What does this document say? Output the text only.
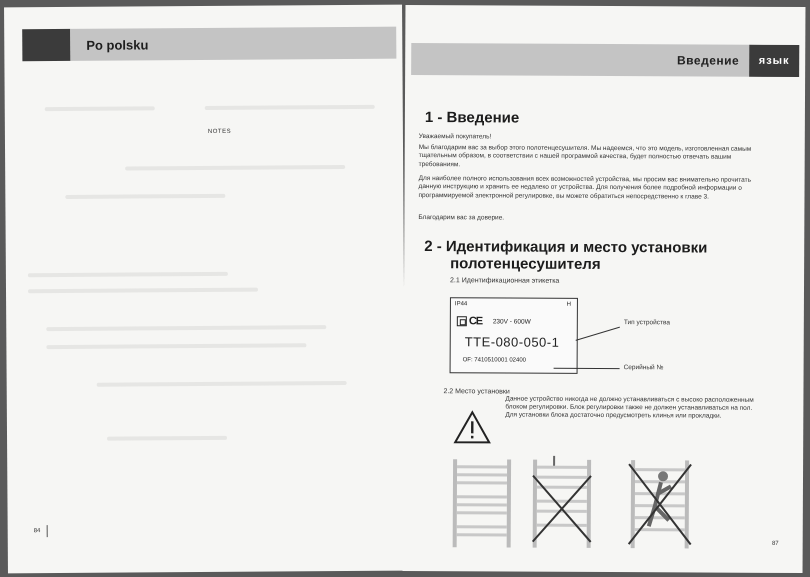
Po polsku
NOTES
84
Введение язык
1 - Введение
Уважаемый покупатель!
Мы благодарим вас за выбор этого полотенцесушителя. Мы надеемся, что это модель, изготовленная самым тщательным образом, в соответствии с нашей программой качества, будет полностью отвечать вашим требованиям.
Для наиболее полного использования всех возможностей устройства, мы просим вас внимательно прочитать данную инструкцию и хранить ее недалеко от устройства. Для получения более подробной информации о программируемой электронной регулировке, вы можете обратиться непосредственно к главе 3.
Благодарим вас за доверие.
2 - Идентификация и место установки
полотенцесушителя
2.1 Идентификационная этикетка
IP44	H
CE 230V - 600W
TTE-080-050-1
OF: 7410510001 02400
Тип устройства
Серийный №
2.2 Место установки
Данное устройство никогда не должно устанавливаться с высоко расположенным блоком регулировки. Блок регулировки также не должен устанавливаться на пол. Для установки блока достаточно предусмотреть клинья или прокладки.
87
